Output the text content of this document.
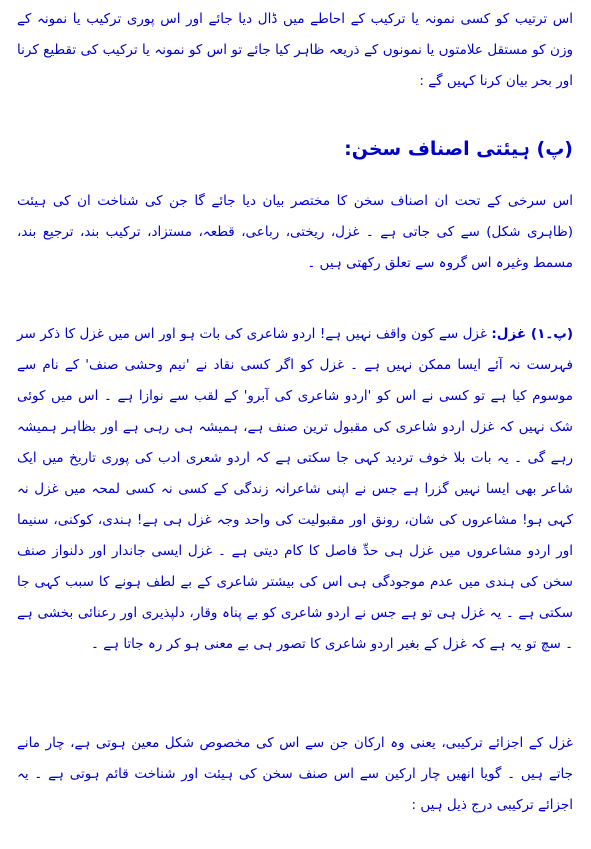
اس ترتیب کو کسی نمونہ یا ترکیب کے احاطے میں ڈال دیا جائے اور اس پوری ترکیب یا نمونہ کے وزن کو مستقل علامتوں یا نمونوں کے ذریعہ ظاہر کیا جائے تو اس کو نمونہ یا ترکیب کی تقطیع کرنا اور بحر بیان کرنا کہیں گے :

(پ) ہیئتی اصناف سخن:

اس سرخی کے تحت ان اصناف سخن کا مختصر بیان دیا جائے گا جن کی شناخت ان کی ہیئت (ظاہری شکل) سے کی جاتی ہے ۔ غزل، ریختی، رباعی، قطعہ، مستزاد، ترکیب بند، ترجیع بند، مسمط وغیرہ اس گروہ سے تعلق رکھتی ہیں ۔

(پ۔۱) غزل: غزل سے کون واقف نہیں ہے! اردو شاعری کی بات ہو اور اس میں غزل کا ذکر سر فہرست نہ آئے ایسا ممکن نہیں ہے ۔ غزل کو اگر کسی نقاد نے 'نیم وحشی صنف' کے نام سے موسوم کیا ہے تو کسی نے اس کو 'اردو شاعری کی آبرو' کے لقب سے نوازا ہے ۔ اس میں کوئی شک نہیں کہ غزل اردو شاعری کی مقبول ترین صنف ہے، ہمیشہ ہی رہی ہے اور بظاہر ہمیشہ رہے گی ۔ یہ بات بلا خوف تردید کہی جا سکتی ہے کہ اردو شعری ادب کی پوری تاریخ میں ایک شاعر بھی ایسا نہیں گزرا ہے جس نے اپنی شاعرانہ زندگی کے کسی نہ کسی لمحہ میں غزل نہ کہی ہو! مشاعروں کی شان، رونق اور مقبولیت کی واحد وجہ غزل ہی ہے! ہندی، کوکنی، سنیما اور اردو مشاعروں میں غزل ہی حدِّ فاصل کا کام دیتی ہے ۔ غزل ایسی جاندار اور دلنواز صنف سخن کی ہندی میں عدم موجودگی ہی اس کی بیشتر شاعری کے بے لطف ہونے کا سبب کہی جا سکتی ہے ۔ یہ غزل ہی تو ہے جس نے اردو شاعری کو بے پناہ وقار، دلپذیری اور رعنائی بخشی ہے ۔ سچ تو یہ ہے کہ غزل کے بغیر اردو شاعری کا تصور ہی بے معنی ہو کر رہ جاتا ہے ۔

غزل کے اجزائے ترکیبی، یعنی وہ ارکان جن سے اس کی مخصوص شکل معین ہوتی ہے، چار مانے جاتے ہیں ۔ گویا انھیں چار ارکین سے اس صنف سخن کی ہیئت اور شناخت قائم ہوتی ہے ۔ یہ اجزائے ترکیبی درج ذیل ہیں :
